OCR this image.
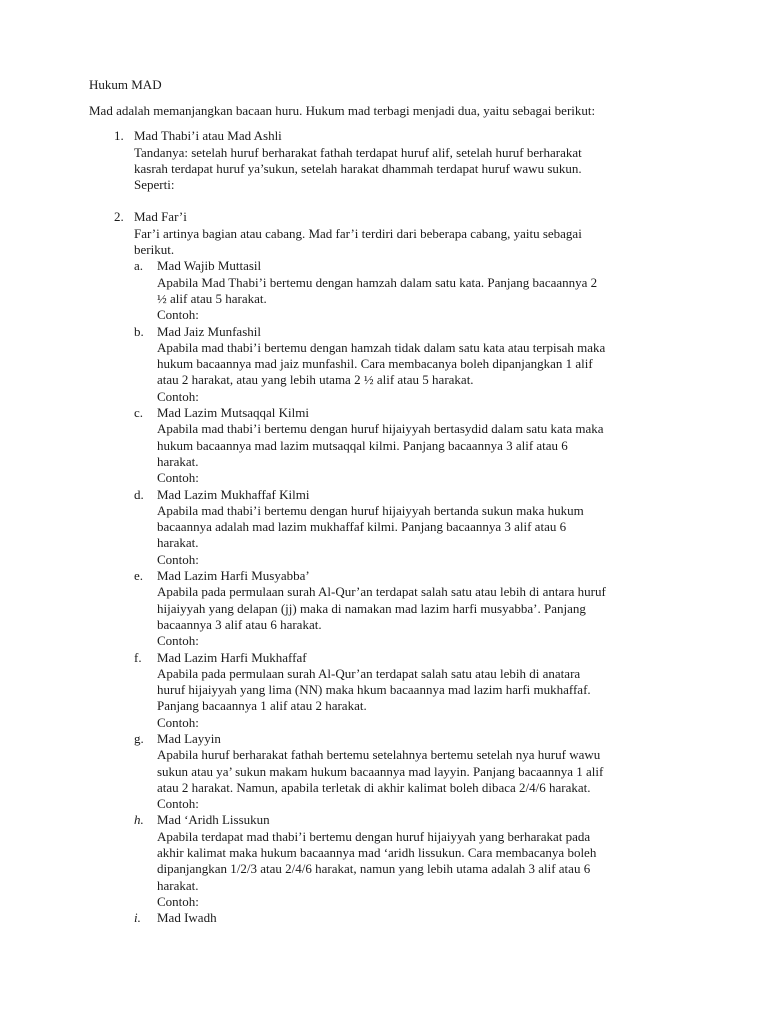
Hukum MAD
Mad adalah memanjangkan bacaan huru. Hukum mad terbagi menjadi dua, yaitu sebagai berikut:
1. Mad Thabi’i atau Mad Ashli
Tandanya: setelah huruf berharakat fathah terdapat huruf alif, setelah huruf berharakat
kasrah terdapat huruf ya’sukun, setelah harakat dhammah terdapat huruf wawu sukun.
Seperti:
2. Mad Far’i
Far’i artinya bagian atau cabang. Mad far’i terdiri dari beberapa cabang, yaitu sebagai
berikut.
a.	Mad Wajib Muttasil
Apabila Mad Thabi’i bertemu dengan hamzah dalam satu kata. Panjang bacaannya 2
½ alif atau 5 harakat.
Contoh:
b.	Mad Jaiz Munfashil
Apabila mad thabi’i bertemu dengan hamzah tidak dalam satu kata atau terpisah maka
hukum bacaannya mad jaiz munfashil. Cara membacanya boleh dipanjangkan 1 alif
atau 2 harakat, atau yang lebih utama 2 ½ alif atau 5 harakat.
Contoh:
c.	Mad Lazim Mutsaqqal Kilmi
Apabila mad thabi’i bertemu dengan huruf hijaiyyah bertasydid dalam satu kata maka
hukum bacaannya mad lazim mutsaqqal kilmi. Panjang bacaannya 3 alif atau 6
harakat.
Contoh:
d.	Mad Lazim Mukhaffaf Kilmi
Apabila mad thabi’i bertemu dengan huruf hijaiyyah bertanda sukun maka hukum
bacaannya adalah mad lazim mukhaffaf kilmi. Panjang bacaannya 3 alif atau 6
harakat.
Contoh:
e.	Mad Lazim Harfi Musyabba’
Apabila pada permulaan surah Al-Qur’an terdapat salah satu atau lebih di antara huruf
hijaiyyah yang delapan (jj) maka di namakan mad lazim harfi musyabba’. Panjang
bacaannya 3 alif atau 6 harakat.
Contoh:
f.	Mad Lazim Harfi Mukhaffaf
Apabila pada permulaan surah Al-Qur’an terdapat salah satu atau lebih di anatara
huruf hijaiyyah yang lima (NN) maka hkum bacaannya mad lazim harfi mukhaffaf.
Panjang bacaannya 1 alif atau 2 harakat.
Contoh:
g.	Mad Layyin
Apabila huruf berharakat fathah bertemu setelahnya bertemu setelah nya huruf wawu
sukun atau ya’ sukun makam hukum bacaannya mad layyin. Panjang bacaannya 1 alif
atau 2 harakat. Namun, apabila terletak di akhir kalimat boleh dibaca 2/4/6 harakat.
Contoh:
h.	Mad ‘Aridh Lissukun
Apabila terdapat mad thabi’i bertemu dengan huruf hijaiyyah yang berharakat pada
akhir kalimat maka hukum bacaannya mad ‘aridh lissukun. Cara membacanya boleh
dipanjangkan 1/2/3 atau 2/4/6 harakat, namun yang lebih utama adalah 3 alif atau 6
harakat.
Contoh:
i.	Mad Iwadh
